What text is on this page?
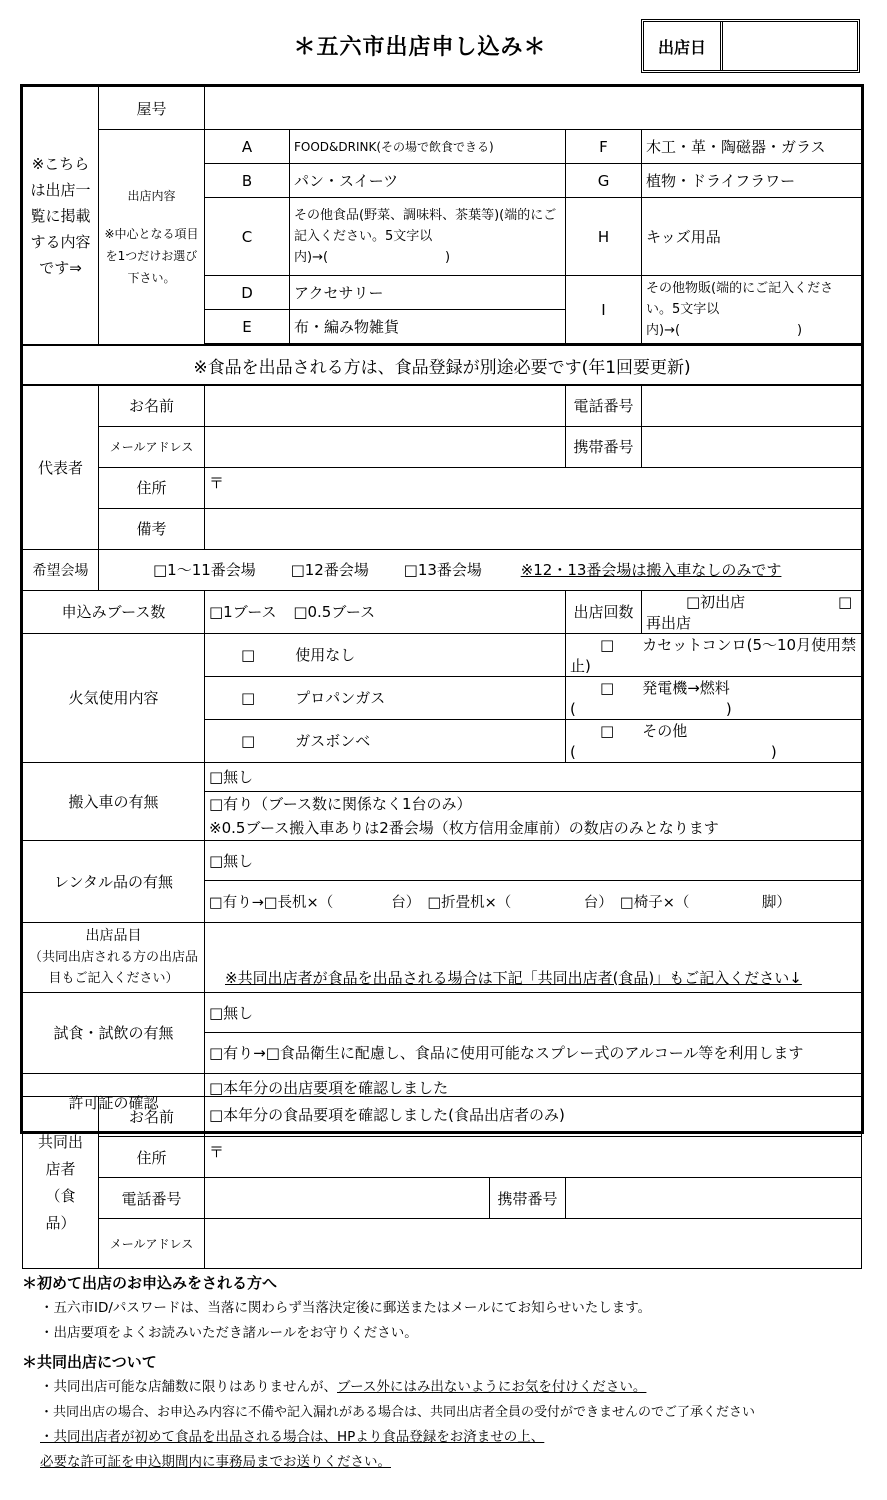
＊五六市出店申し込み＊	出店日
※こちらは出店一覧に掲載する内容です⇒	屋号				

	出店内容
※中心となる項目を1つだけお選び下さい。	A	FOOD&DRINK(その場で飲食できる)	F	木工・革・陶磁器・ガラス
		B	パン・スイーツ	G	植物・ドライフラワー
		C	その他食品(野菜、調味料、茶葉等)(端的にご記入ください。5文字以内)→(　　　　　　　　　)	H	キッズ用品
		D	アクセサリー	I	その他物販(端的にご記入ください。5文字以内)→(　　　　　　　　　)
		E	布・編み物雑貨		

※食品を出品される方は、食品登録が別途必要です(年1回要更新)					
代表者	お名前			電話番号	
	メールアドレス			携帯番号	
	住所	〒			
	備考				
希望会場	□1～11番会場 □12番会場 □13番会場 ※12・13番会場は搬入車なしのみです				
申込みブース数		□1ブース □0.5ブース		出店回数	□初出店 □再出店
火気使用内容		□ 使用なし		□ カセットコンロ(5～10月使用禁止)	
		□ プロパンガス		□ 発電機→燃料(　　　　　　　　　　)	
		□ ガスボンベ		□ その他(　　　　　　　　　　　　　)	
搬入車の有無		□無し			

		□有り（ブース数に関係なく1台のみ）
※0.5ブース搬入車ありは2番会場（枚方信用金庫前）の数店のみとなります			

レンタル品の有無		□無し			
		□有り→□長机×（　　　　台）　□折畳机×（　　　　　台）　□椅子×（　　　　　脚）			

出店品目
（共同出店される方の出店品目もご記入ください）		※共同出店者が食品を出品される場合は下記「共同出店者(食品)」もご記入ください↓			
試食・試飲の有無		□無し			
		□有り→□食品衛生に配慮し、食品に使用可能なスプレー式のアルコール等を利用します			
許可証の確認		□本年分の出店要項を確認しました
□本年分の食品要項を確認しました(食品出店者のみ)			
共同出店者（食品）	お名前			
	住所	〒		
	電話番号		携帯番号	
	メールアドレス			
＊初めて出店のお申込みをされる方へ
・五六市ID/パスワードは、当落に関わらず当落決定後に郵送またはメールにてお知らせいたします。
・出店要項をよくお読みいただき諸ルールをお守りください。
＊共同出店について
・共同出店可能な店舗数に限りはありませんが、ブース外にはみ出ないようにお気を付けください。
・共同出店の場合、お申込み内容に不備や記入漏れがある場合は、共同出店者全員の受付ができませんのでご了承ください
・共同出店者が初めて食品を出品される場合は、HPより食品登録をお済ませの上、
必要な許可証を申込期間内に事務局までお送りください。
